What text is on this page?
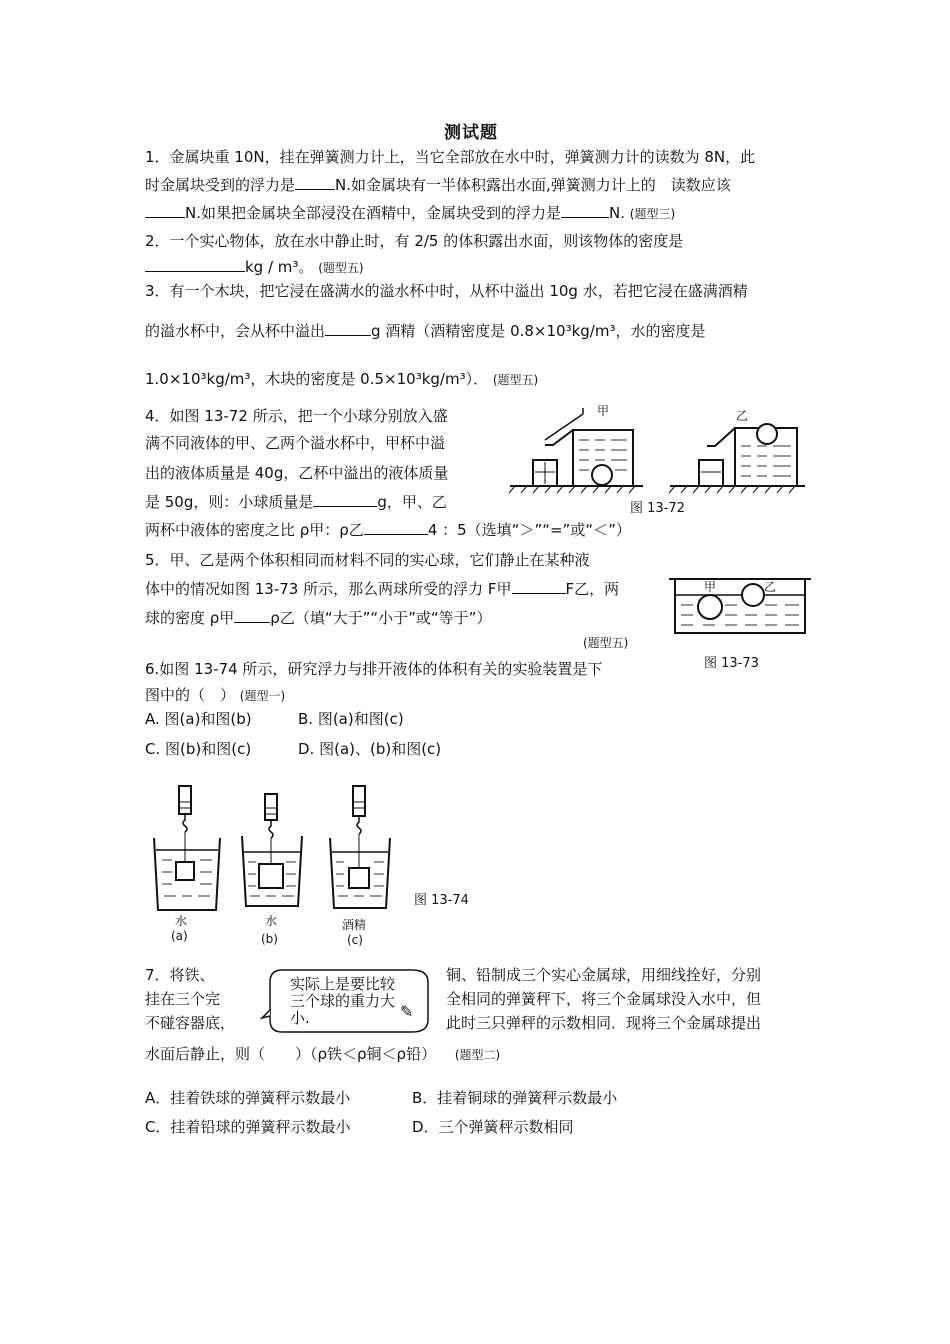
测试题
1．金属块重 10N，挂在弹簧测力计上，当它全部放在水中时，弹簧测力计的读数为 8N，此
时金属块受到的浮力是	N.如金属块有一半体积露出水面,弹簧测力计上的　读数应该
N.如果把金属块全部浸没在酒精中，金属块受到的浮力是	N. (题型三)
2．一个实心物体，放在水中静止时，有 2/5 的体积露出水面，则该物体的密度是
kg / m³。 (题型五)
3．有一个木块，把它浸在盛满水的溢水杯中时，从杯中溢出 10g 水，若把它浸在盛满酒精
的溢水杯中，会从杯中溢出	g 酒精（酒精密度是 0.8×10³kg/m³，水的密度是
1.0×10³kg/m³，木块的密度是 0.5×10³kg/m³）． (题型五)
4．如图 13-72 所示，把一个小球分别放入盛
满不同液体的甲、乙两个溢水杯中，甲杯中溢
出的液体质量是 40g，乙杯中溢出的液体质量
是 50g，则：小球质量是	g，甲、乙
两杯中液体的密度之比 ρ甲：ρ乙	4 ：5（选填“＞”“=”或“＜”）
甲	乙
图 13-72
5．甲、乙是两个体积相同而材料不同的实心球，它们静止在某种液
体中的情况如图 13-73 所示，那么两球所受的浮力 F甲	F乙，两
球的密度 ρ甲 ρ乙（填“大于”“小于”或“等于”）
(题型五)
甲	乙
图 13-73
6.如图 13-74 所示，研究浮力与排开液体的体积有关的实验装置是下
图中的（　） (题型一)
A. 图(a)和图(b)	B. 图(a)和图(c)
C. 图(b)和图(c)	D. 图(a)、(b)和图(c)
水	水	酒精
(a)	(b)	(c)
图 13-74
7．将铁、	铜、铅制成三个实心金属球，用细线拴好，分别
挂在三个完	全相同的弹簧秤下，将三个金属球没入水中，但
不碰容器底，	此时三只弹秤的示数相同．现将三个金属球提出
实际上是要比较
三个球的重力大
小.	✎
水面后静止，则（　　）（ρ铁＜ρ铜＜ρ铅） (题型二)
A．挂着铁球的弹簧秤示数最小	B．挂着铜球的弹簧秤示数最小
C．挂着铅球的弹簧秤示数最小	D．三个弹簧秤示数相同
